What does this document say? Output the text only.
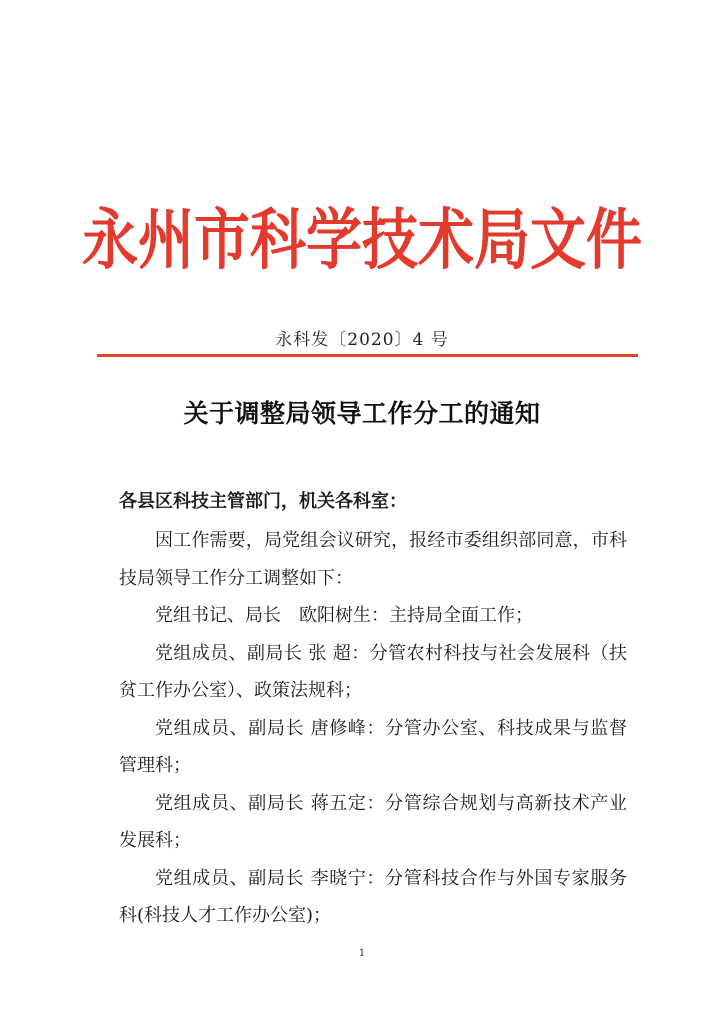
永州市科学技术局文件
永科发〔2020〕4 号
关于调整局领导工作分工的通知
各县区科技主管部门，机关各科室：

因工作需要，局党组会议研究，报经市委组织部同意，市科技局领导工作分工调整如下：

党组书记、局长　欧阳树生：主持局全面工作；

党组成员、副局长 张 超：分管农村科技与社会发展科（扶贫工作办公室）、政策法规科；

党组成员、副局长 唐修峰：分管办公室、科技成果与监督管理科；

党组成员、副局长 蒋五定：分管综合规划与高新技术产业发展科；

党组成员、副局长 李晓宁：分管科技合作与外国专家服务科(科技人才工作办公室)；

1
